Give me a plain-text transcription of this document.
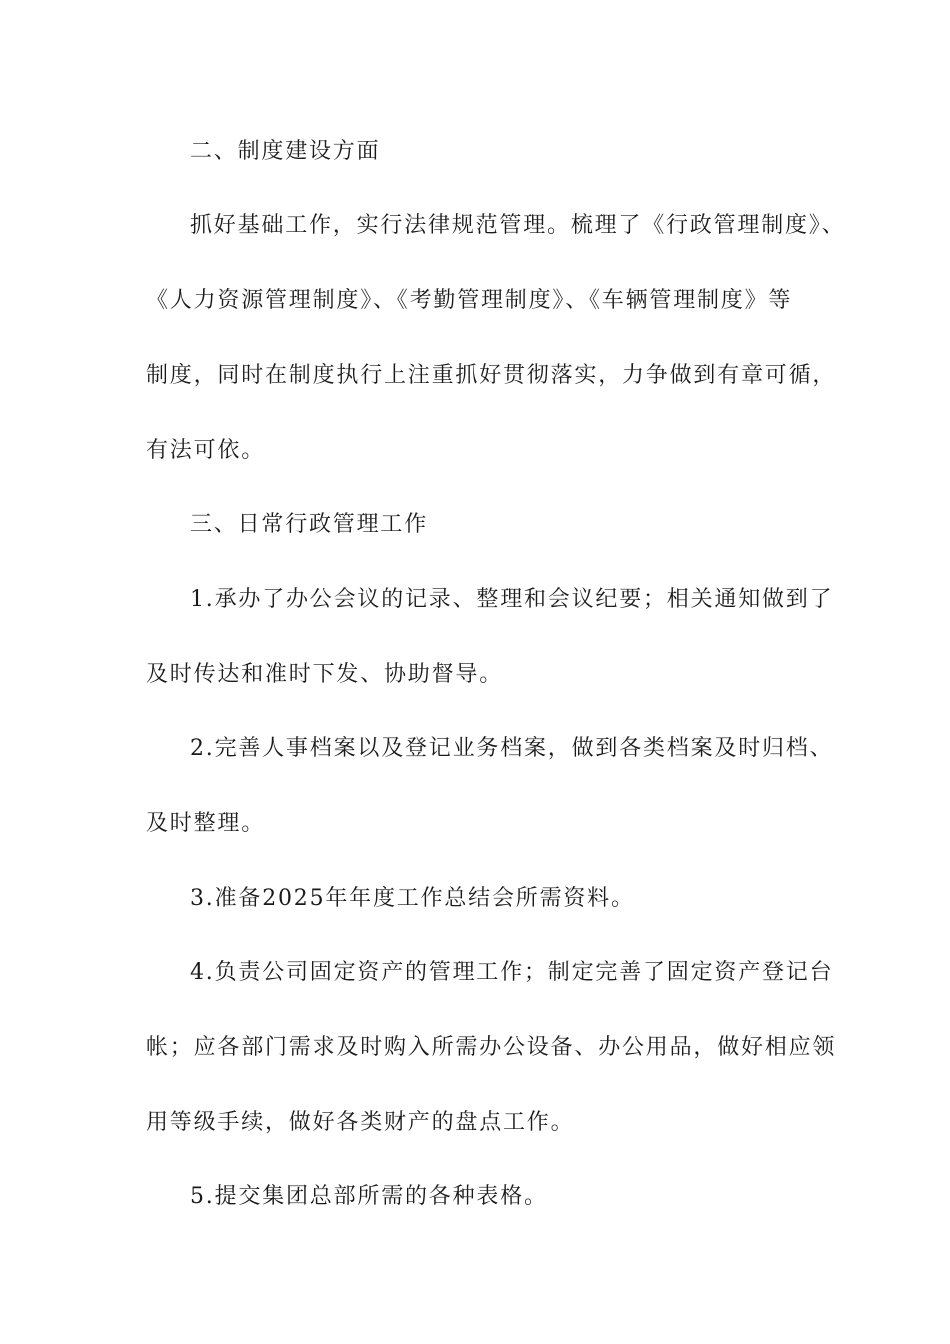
二、制度建设方面
抓好基础工作，实行法律规范管理。梳理了《行政管理制度》、
《人力资源管理制度》、《考勤管理制度》、《车辆管理制度》等
制度，同时在制度执行上注重抓好贯彻落实，力争做到有章可循，
有法可依。
三、日常行政管理工作
1.承办了办公会议的记录、整理和会议纪要；相关通知做到了
及时传达和准时下发、协助督导。
2.完善人事档案以及登记业务档案，做到各类档案及时归档、
及时整理。
3.准备2025年年度工作总结会所需资料。
4.负责公司固定资产的管理工作；制定完善了固定资产登记台
帐；应各部门需求及时购入所需办公设备、办公用品，做好相应领
用等级手续，做好各类财产的盘点工作。
5.提交集团总部所需的各种表格。
